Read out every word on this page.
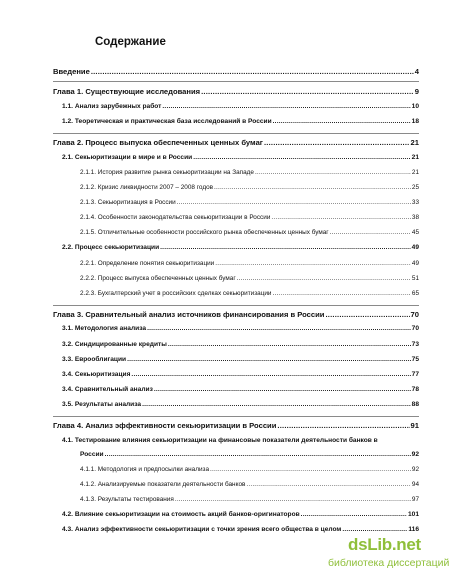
Содержание
Введение .....	4
Глава 1. Существующие исследования .....	9
1.1. Анализ зарубежных работ .....	10
1.2. Теоретическая и практическая база исследований в России .....	18
Глава 2. Процесс выпуска обеспеченных ценных бумаг .....	21
2.1. Секьюритизации в мире и в России .....	21
2.1.1. История развитие рынка секьюритизации на Западе .....	21
2.1.2. Кризис ликвидности 2007 – 2008 годов .....	25
2.1.3. Секьюритизация в России .....	33
2.1.4. Особенности законодательства секьюритизации в России .....	38
2.1.5. Отличительные особенности российского рынка обеспеченных ценных бумаг .....	45
2.2. Процесс секьюритизации .....	49
2.2.1. Определение понятия секьюритизации .....	49
2.2.2. Процесс выпуска обеспеченных ценных бумаг .....	51
2.2.3. Бухгалтерский учет в российских сделках секьюритизации .....	65
Глава 3. Сравнительный анализ источников финансирования в России .....	70
3.1. Методология анализа .....	70
3.2. Синдицированные кредиты .....	73
3.3. Еврооблигации .....	75
3.4. Секьюритизация .....	77
3.4. Сравнительный анализ .....	78
3.5. Результаты анализа .....	88
Глава 4. Анализ эффективности секьюритизации в России .....	91
4.1. Тестирование влияния секьюритизации на финансовые показатели деятельности банков в
России .....	92
4.1.1. Методология и предпосылки анализа .....	92
4.1.2. Анализируемые показатели деятельности банков .....	94
4.1.3. Результаты тестирования .....	97
4.2. Влияние секьюритизации на стоимость акций банков-оригинаторов .....	101
4.3. Анализ эффективности секьюритизации с точки зрения всего общества в целом .....	116
dsLib.net
библиотека диссертаций
